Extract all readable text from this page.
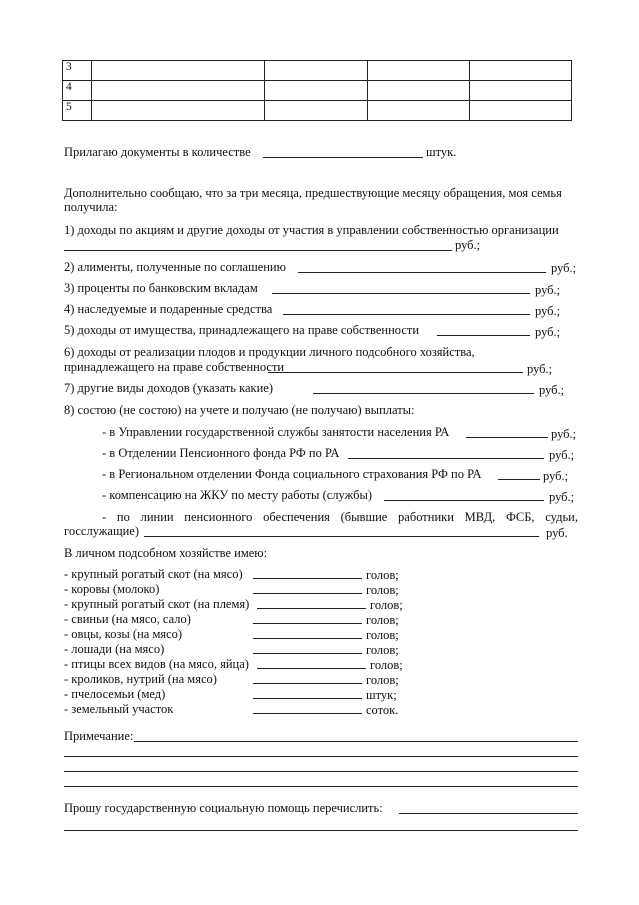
3				
4				
5				
Прилагаю документы в количестве	штук.
Дополнительно сообщаю, что за три месяца, предшествующие месяцу обращения, моя семья
получила:
1) доходы по акциям и другие доходы от участия в управлении собственностью организации
руб.;
2) алименты, полученные по соглашению	руб.;
3) проценты по банковским вкладам	руб.;
4) наследуемые и подаренные средства	руб.;
5) доходы от имущества, принадлежащего на праве собственности	руб.;
6) доходы от реализации плодов и продукции личного подсобного хозяйства,
принадлежащего на праве собственности	руб.;
7) другие виды доходов (указать какие)	руб.;
8) состою (не состою) на учете и получаю (не получаю) выплаты:
- в Управлении государственной службы занятости населения РА	руб.;
- в Отделении Пенсионного фонда РФ по РА	руб.;
- в Региональном отделении Фонда социального страхования РФ по РА	руб.;
- компенсацию на ЖКУ по месту работы (службы)	руб.;
- по линии пенсионного обеспечения (бывшие работники МВД, ФСБ, судьи,
госслужащие)	руб.
В личном подсобном хозяйстве имею:
- крупный рогатый скот (на мясо)	голов;
- коровы (молоко)	голов;
- крупный рогатый скот (на племя)	голов;
- свиньи (на мясо, сало)	голов;
- овцы, козы (на мясо)	голов;
- лошади (на мясо)	голов;
- птицы всех видов (на мясо, яйца)	голов;
- кроликов, нутрий (на мясо)	голов;
- пчелосемьи (мед)	штук;
- земельный участок	соток.
Примечание:
Прошу государственную социальную помощь перечислить:
